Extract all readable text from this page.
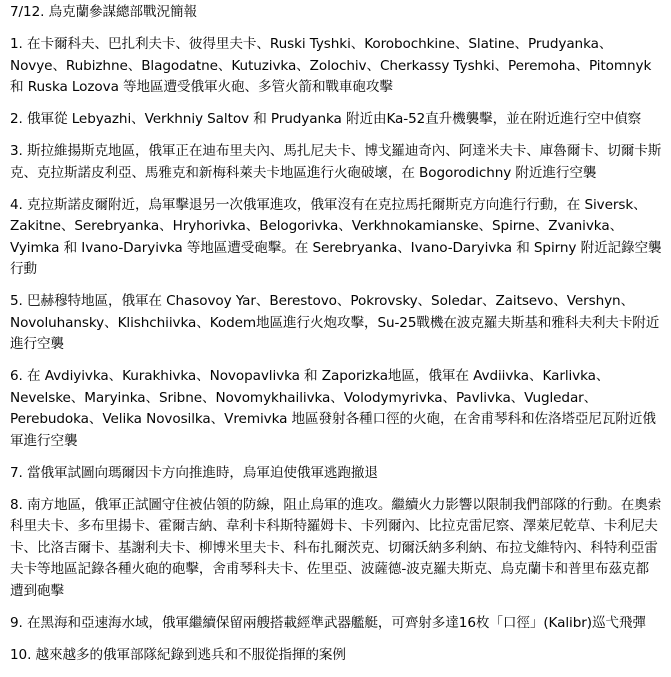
7/12. 烏克蘭參謀總部戰況簡報

1. 在卡爾科夫、巴扎利夫卡、彼得里夫卡、Ruski Tyshki、Korobochkine、Slatine、Prudyanka、Novye、Rubizhne、Blagodatne、Kutuzivka、Zolochiv、Cherkassy Tyshki、Peremoha、Pitomnyk 和 Ruska Lozova 等地區遭受俄軍火砲、多管火箭和戰車砲攻擊

2. 俄軍從 Lebyazhi、Verkhniy Saltov 和 Prudyanka 附近由Ka-52直升機襲擊，並在附近進行空中偵察

3. 斯拉維揚斯克地區，俄軍正在迪布里夫內、馬扎尼夫卡、博戈羅迪奇內、阿達米夫卡、庫魯爾卡、切爾卡斯克、克拉斯諾皮利亞、馬雅克和新梅科萊夫卡地區進行火砲破壞，在 Bogorodichny 附近進行空襲

4. 克拉斯諾皮爾附近，烏軍擊退另一次俄軍進攻，俄軍沒有在克拉馬托爾斯克方向進行行動，在 Siversk、Zakitne、Serebryanka、Hryhorivka、Belogorivka、Verkhnokamianske、Spirne、Zvanivka、Vyimka 和 Ivano-Daryivka 等地區遭受砲擊。在 Serebryanka、Ivano-Daryivka 和 Spirny 附近記錄空襲行動

5. 巴赫穆特地區，俄軍在 Chasovoy Yar、Berestovo、Pokrovsky、Soledar、Zaitsevo、Vershyn、Novoluhansky、Klishchiivka、Kodem地區進行火炮攻擊，Su-25戰機在波克羅夫斯基和雅科夫利夫卡附近進行空襲

6. 在 Avdiyivka、Kurakhivka、Novopavlivka 和 Zaporizka地區，俄軍在 Avdiivka、Karlivka、Nevelske、Maryinka、Sribne、Novomykhailivka、Volodymyrivka、Pavlivka、Vugledar、Perebudoka、Velika Novosilka、Vremivka 地區發射各種口徑的火砲，在舍甫琴科和佐洛塔亞尼瓦附近俄軍進行空襲

7. 當俄軍試圖向瑪爾因卡方向推進時，烏軍迫使俄軍逃跑撤退

8. 南方地區，俄軍正試圖守住被佔領的防線，阻止烏軍的進攻。繼續火力影響以限制我們部隊的行動。在奧索科里夫卡、多布里揚卡、霍爾吉納、韋利卡科斯特羅姆卡、卡列爾內、比拉克雷尼察、澤萊尼乾草、卡利尼夫卡、比洛吉爾卡、基謝利夫卡、柳博米里夫卡、科布扎爾茨克、切爾沃納多利納、布拉戈維特內、科特利亞雷夫卡等地區記錄各種火砲的砲擊，舍甫琴科夫卡、佐里亞、波薩德-波克羅夫斯克、烏克蘭卡和普里布茲克都遭到砲擊

9. 在黑海和亞速海水域，俄軍繼續保留兩艘搭載經準武器艦艇，可齊射多達16枚「口徑」(Kalibr)巡弋飛彈

10. 越來越多的俄軍部隊紀錄到逃兵和不服從指揮的案例
